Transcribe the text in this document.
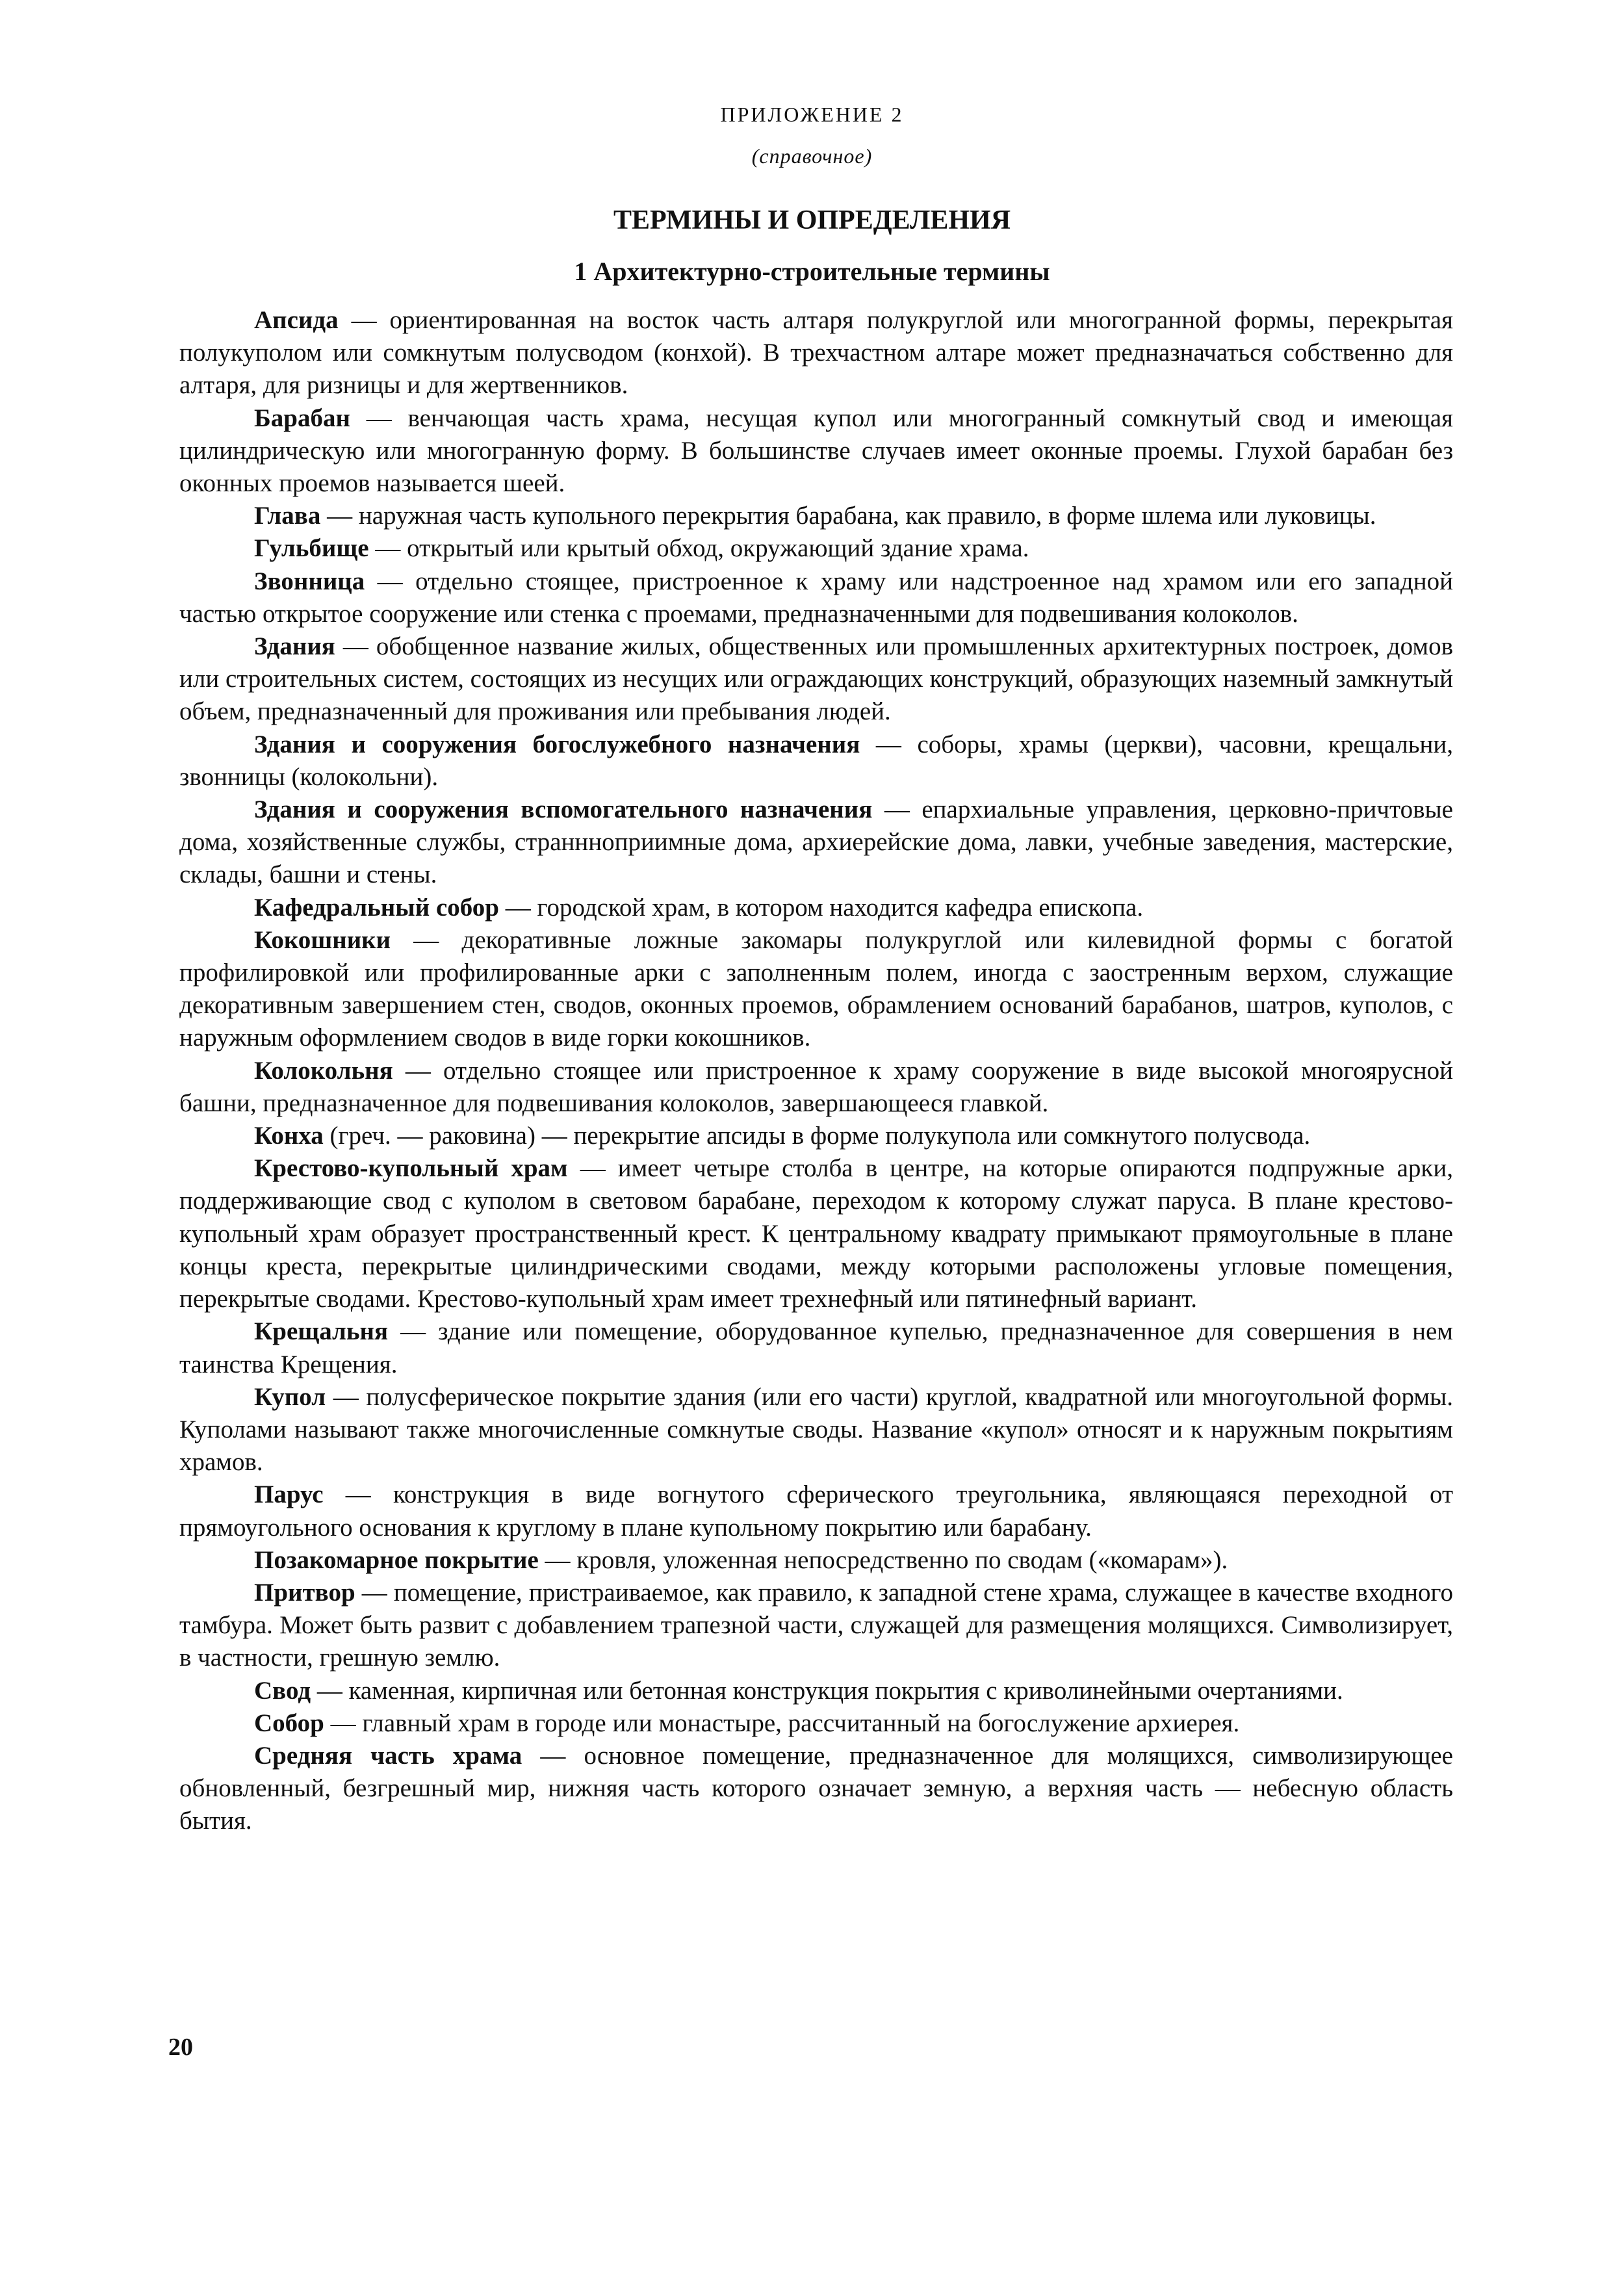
ПРИЛОЖЕНИЕ 2
(справочное)
ТЕРМИНЫ И ОПРЕДЕЛЕНИЯ
1 Архитектурно-строительные термины

Апсида — ориентированная на восток часть алтаря полукруглой или многогранной формы, перекрытая полукуполом или сомкнутым полусводом (конхой). В трехчастном алтаре может предназначаться собственно для алтаря, для ризницы и для жертвенников.

Барабан — венчающая часть храма, несущая купол или многогранный сомкнутый свод и имеющая цилиндрическую или многогранную форму. В большинстве случаев имеет оконные проемы. Глухой барабан без оконных проемов называется шеей.

Глава — наружная часть купольного перекрытия барабана, как правило, в форме шлема или луковицы.

Гульбище — открытый или крытый обход, окружающий здание храма.

Звонница — отдельно стоящее, пристроенное к храму или надстроенное над храмом или его западной частью открытое сооружение или стенка с проемами, предназначенными для подвешивания колоколов.

Здания — обобщенное название жилых, общественных или промышленных архитектурных построек, домов или строительных систем, состоящих из несущих или ограждающих конструкций, образующих наземный замкнутый объем, предназначенный для проживания или пребывания людей.

Здания и сооружения богослужебного назначения — соборы, храмы (церкви), часовни, крещальни, звонницы (колокольни).

Здания и сооружения вспомогательного назначения — епархиальные управления, церковно-причтовые дома, хозяйственные службы, страннноприимные дома, архиерейские дома, лавки, учебные заведения, мастерские, склады, башни и стены.

Кафедральный собор — городской храм, в котором находится кафедра епископа.

Кокошники — декоративные ложные закомары полукруглой или килевидной формы с богатой профилировкой или профилированные арки с заполненным полем, иногда с заостренным верхом, служащие декоративным завершением стен, сводов, оконных проемов, обрамлением оснований барабанов, шатров, куполов, с наружным оформлением сводов в виде горки кокошников.

Колокольня — отдельно стоящее или пристроенное к храму сооружение в виде высокой многоярусной башни, предназначенное для подвешивания колоколов, завершающееся главкой.

Конха (греч. — раковина) — перекрытие апсиды в форме полукупола или сомкнутого полусвода.

Крестово-купольный храм — имеет четыре столба в центре, на которые опираются подпружные арки, поддерживающие свод с куполом в световом барабане, переходом к которому служат паруса. В плане крестово-купольный храм образует пространственный крест. К центральному квадрату примыкают прямоугольные в плане концы креста, перекрытые цилиндрическими сводами, между которыми расположены угловые помещения, перекрытые сводами. Крестово-купольный храм имеет трехнефный или пятинефный вариант.

Крещальня — здание или помещение, оборудованное купелью, предназначенное для совершения в нем таинства Крещения.

Купол — полусферическое покрытие здания (или его части) круглой, квадратной или многоугольной формы. Куполами называют также многочисленные сомкнутые своды. Название «купол» относят и к наружным покрытиям храмов.

Парус — конструкция в виде вогнутого сферического треугольника, являющаяся переходной от прямоугольного основания к круглому в плане купольному покрытию или барабану.

Позакомарное покрытие — кровля, уложенная непосредственно по сводам («комарам»).

Притвор — помещение, пристраиваемое, как правило, к западной стене храма, служащее в качестве входного тамбура. Может быть развит с добавлением трапезной части, служащей для размещения молящихся. Символизирует, в частности, грешную землю.

Свод — каменная, кирпичная или бетонная конструкция покрытия с криволинейными очертаниями.

Собор — главный храм в городе или монастыре, рассчитанный на богослужение архиерея.

Средняя часть храма — основное помещение, предназначенное для молящихся, символизирующее обновленный, безгрешный мир, нижняя часть которого означает земную, а верхняя часть — небесную область бытия.

20
